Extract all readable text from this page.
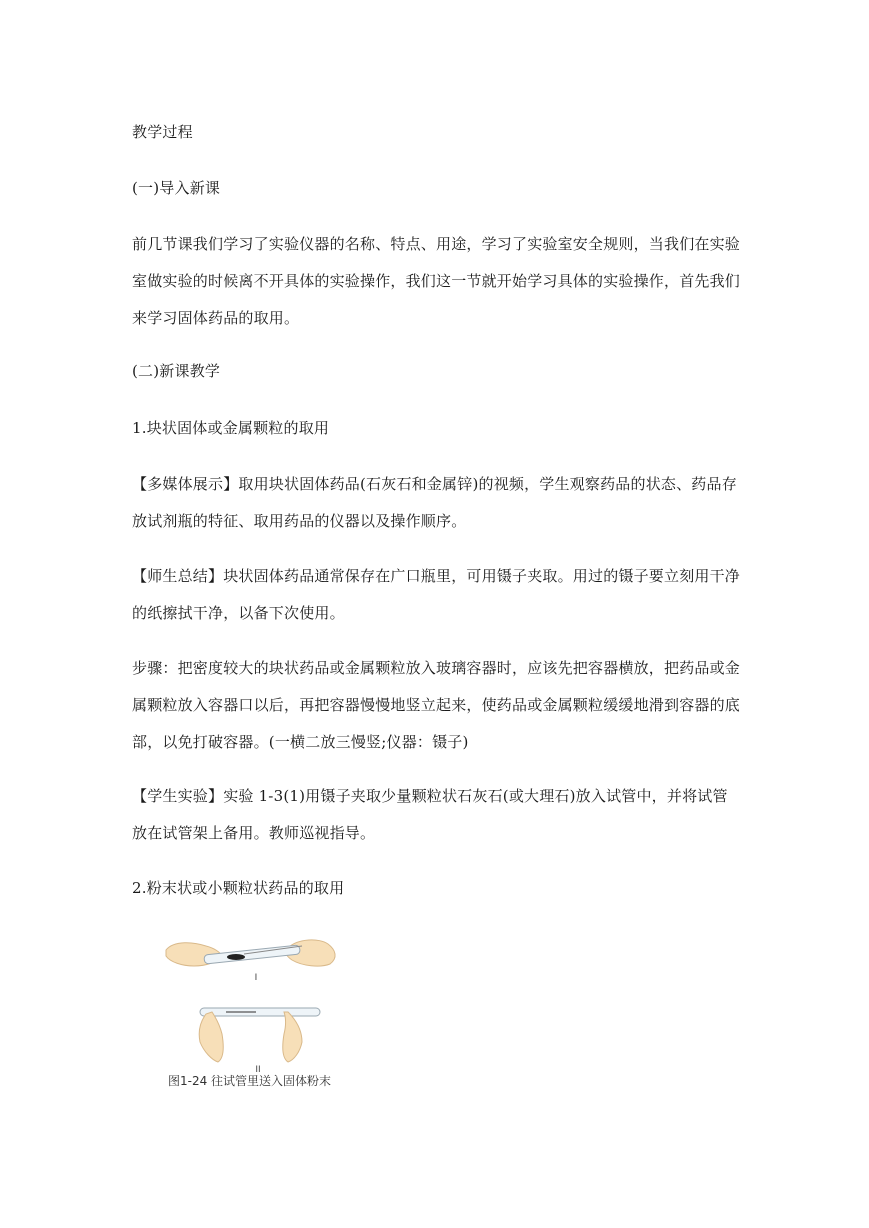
教学过程

(一)导入新课

前几节课我们学习了实验仪器的名称、特点、用途，学习了实验室安全规则，当我们在实验
室做实验的时候离不开具体的实验操作，我们这一节就开始学习具体的实验操作，首先我们
来学习固体药品的取用。

(二)新课教学

1.块状固体或金属颗粒的取用

【多媒体展示】取用块状固体药品(石灰石和金属锌)的视频，学生观察药品的状态、药品存
放试剂瓶的特征、取用药品的仪器以及操作顺序。

【师生总结】块状固体药品通常保存在广口瓶里，可用镊子夹取。用过的镊子要立刻用干净
的纸擦拭干净，以备下次使用。

步骤：把密度较大的块状药品或金属颗粒放入玻璃容器时，应该先把容器横放，把药品或金
属颗粒放入容器口以后，再把容器慢慢地竖立起来，使药品或金属颗粒缓缓地滑到容器的底
部，以免打破容器。(一横二放三慢竖;仪器：镊子)

【学生实验】实验 1-3(1)用镊子夹取少量颗粒状石灰石(或大理石)放入试管中，并将试管
放在试管架上备用。教师巡视指导。

2.粉末状或小颗粒状药品的取用

I
II
图1-24 往试管里送入固体粉末
